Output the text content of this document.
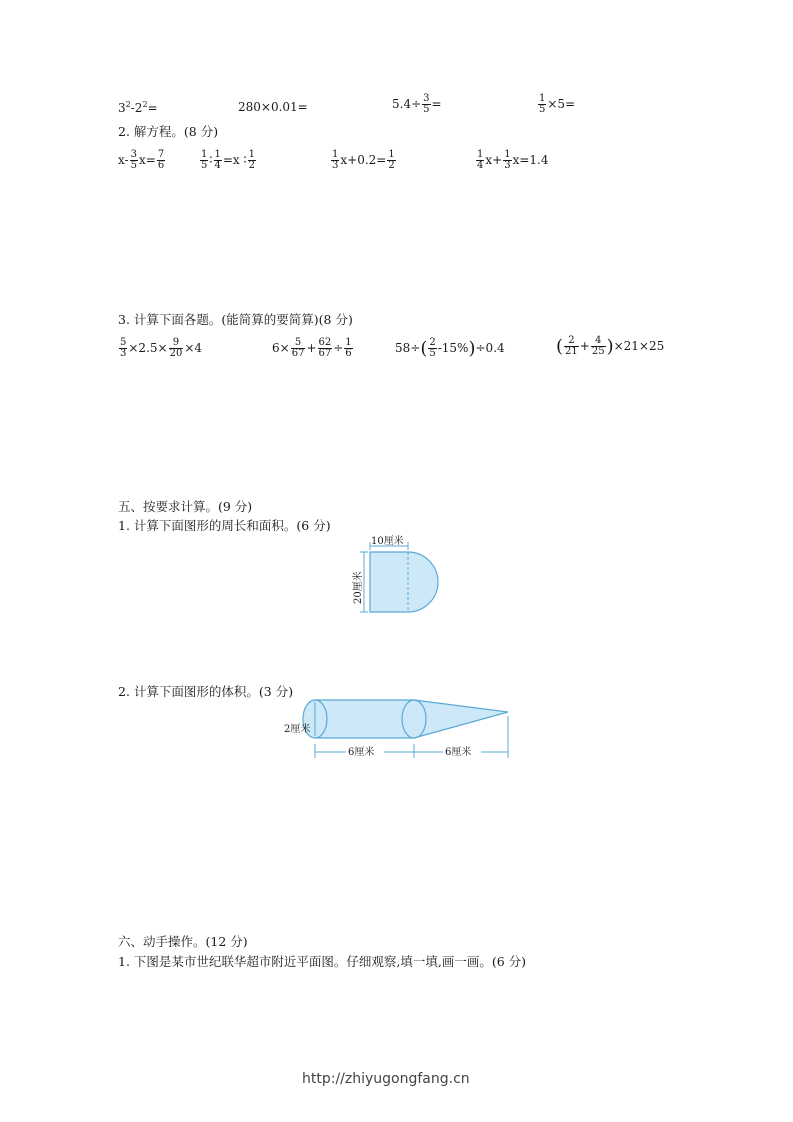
$3^2-2^2=$	280×0.01=	$5.4\div \frac{3}{5}$ =	$\frac{1}{5} \times 5=$
2. 解方程。(8 分)
$x- \frac{3}{5} x= \frac{7}{6}$	$\frac{1}{5}$ ∶ $\frac{1}{4} =x$ ∶ $\frac{1}{2}$	$\frac{1}{3} x+0.2= \frac{1}{2}$	$\frac{1}{4} x+ \frac{1}{3} x=1.4$
3. 计算下面各题。(能简算的要简算)(8 分)
$\frac{5}{3} \times 2.5\times \frac{9}{20} \times 4$	$6\times \frac{5}{67} + \frac{62}{67} \div \frac{1}{6}$	$58\div( \frac{2}{5} -15\%)\div 0.4$	( $\frac{2}{21} + \frac{4}{25} )\times 21\times 25$
五、按要求计算。(9 分)
1. 计算下面图形的周长和面积。(6 分)
10厘米
20厘米
2. 计算下面图形的体积。(3 分)
2厘米
6厘米	6厘米
六、动手操作。(12 分)
1. 下图是某市世纪联华超市附近平面图。仔细观察,填一填,画一画。(6 分)
http://zhiyugongfang.cn
